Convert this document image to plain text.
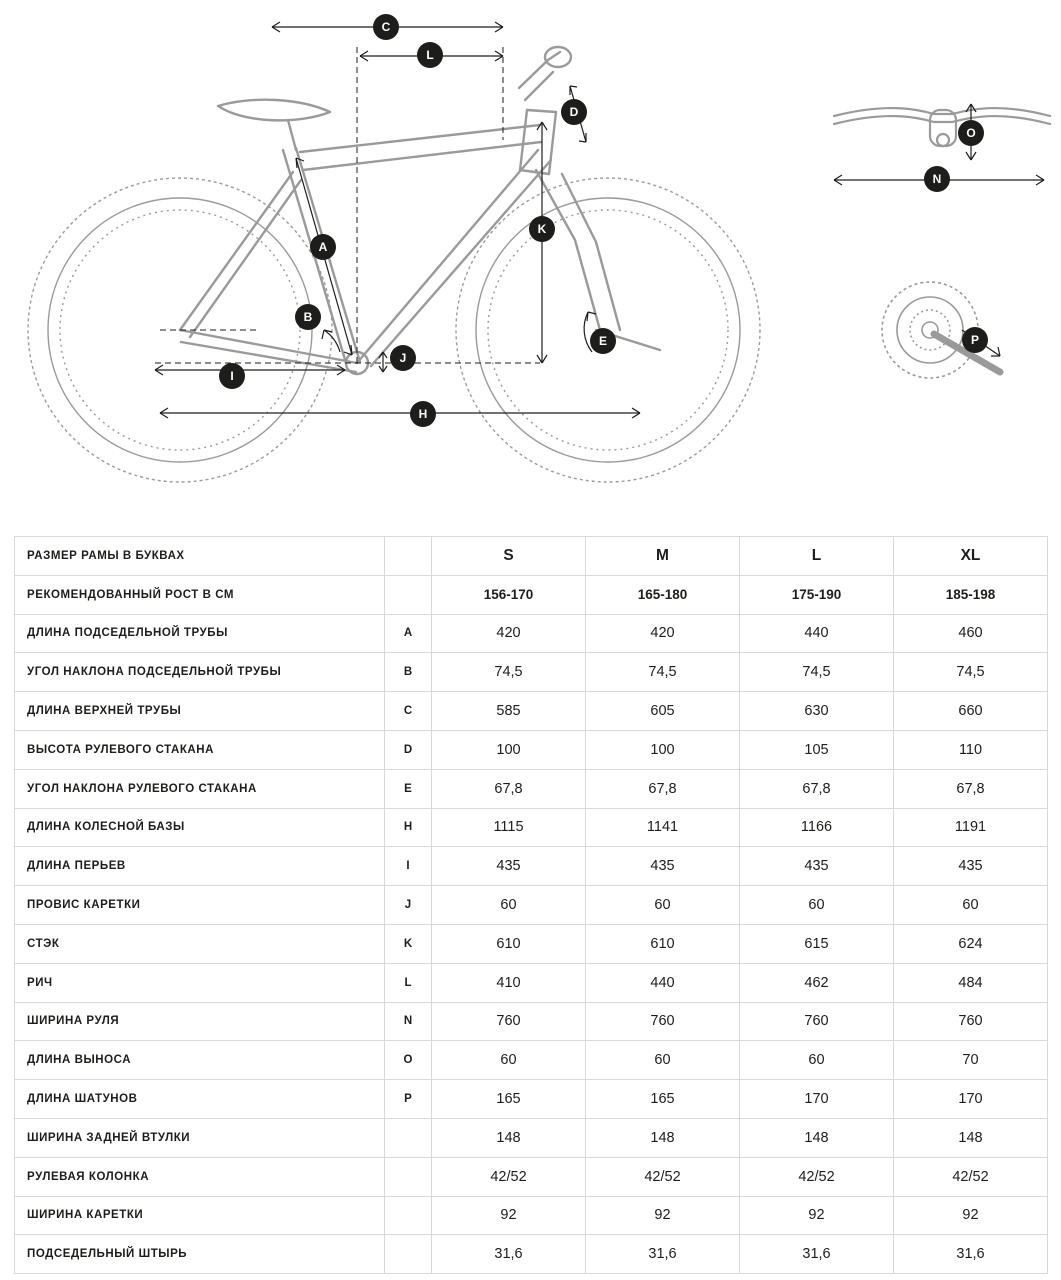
C
L
D
O
N
A
K
B
E	P
J
I
H
РАЗМЕР РАМЫ В БУКВАХ		S	M	L	XL
РЕКОМЕНДОВАННЫЙ РОСТ В СМ		156-170	165-180	175-190	185-198
ДЛИНА ПОДСЕДЕЛЬНОЙ ТРУБЫ	A	420	420	440	460
УГОЛ НАКЛОНА ПОДСЕДЕЛЬНОЙ ТРУБЫ	B	74,5	74,5	74,5	74,5
ДЛИНА ВЕРХНЕЙ ТРУБЫ	C	585	605	630	660
ВЫСОТА РУЛЕВОГО СТАКАНА	D	100	100	105	110
УГОЛ НАКЛОНА РУЛЕВОГО СТАКАНА	E	67,8	67,8	67,8	67,8
ДЛИНА КОЛЕСНОЙ БАЗЫ	H	1115	1141	1166	1191
ДЛИНА ПЕРЬЕВ	I	435	435	435	435
ПРОВИС КАРЕТКИ	J	60	60	60	60
СТЭК	K	610	610	615	624
РИЧ	L	410	440	462	484
ШИРИНА РУЛЯ	N	760	760	760	760
ДЛИНА ВЫНОСА	O	60	60	60	70
ДЛИНА ШАТУНОВ	P	165	165	170	170
ШИРИНА ЗАДНЕЙ ВТУЛКИ		148	148	148	148
РУЛЕВАЯ КОЛОНКА		42/52	42/52	42/52	42/52
ШИРИНА КАРЕТКИ		92	92	92	92
ПОДСЕДЕЛЬНЫЙ ШТЫРЬ		31,6	31,6	31,6	31,6
